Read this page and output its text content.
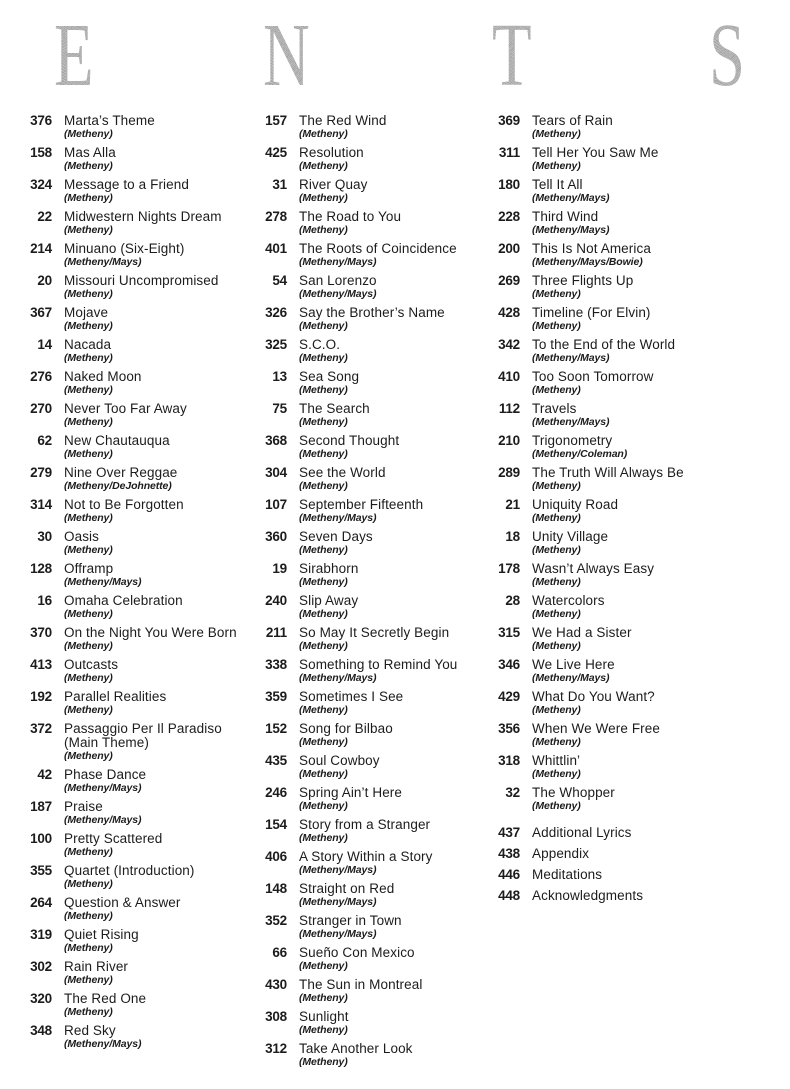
E N T S
376 Marta’s Theme
(Metheny)
158 Mas Alla
(Metheny)
324 Message to a Friend
(Metheny)
22 Midwestern Nights Dream
(Metheny)
214 Minuano (Six-Eight)
(Metheny/Mays)
20 Missouri Uncompromised
(Metheny)
367 Mojave
(Metheny)
14 Nacada
(Metheny)
276 Naked Moon
(Metheny)
270 Never Too Far Away
(Metheny)
62 New Chautauqua
(Metheny)
279 Nine Over Reggae
(Metheny/DeJohnette)
314 Not to Be Forgotten
(Metheny)
30 Oasis
(Metheny)
128 Offramp
(Metheny/Mays)
16 Omaha Celebration
(Metheny)
370 On the Night You Were Born
(Metheny)
413 Outcasts
(Metheny)
192 Parallel Realities
(Metheny)
372 Passaggio Per Il Paradiso (Main Theme)
(Metheny)
42 Phase Dance
(Metheny/Mays)
187 Praise
(Metheny/Mays)
100 Pretty Scattered
(Metheny)
355 Quartet (Introduction)
(Metheny)
264 Question & Answer
(Metheny)
319 Quiet Rising
(Metheny)
302 Rain River
(Metheny)
320 The Red One
(Metheny)
348 Red Sky
(Metheny/Mays)
157 The Red Wind
(Metheny)
425 Resolution
(Metheny)
31 River Quay
(Metheny)
278 The Road to You
(Metheny)
401 The Roots of Coincidence
(Metheny/Mays)
54 San Lorenzo
(Metheny/Mays)
326 Say the Brother’s Name
(Metheny)
325 S.C.O.
(Metheny)
13 Sea Song
(Metheny)
75 The Search
(Metheny)
368 Second Thought
(Metheny)
304 See the World
(Metheny)
107 September Fifteenth
(Metheny/Mays)
360 Seven Days
(Metheny)
19 Sirabhorn
(Metheny)
240 Slip Away
(Metheny)
211 So May It Secretly Begin
(Metheny)
338 Something to Remind You
(Metheny/Mays)
359 Sometimes I See
(Metheny)
152 Song for Bilbao
(Metheny)
435 Soul Cowboy
(Metheny)
246 Spring Ain’t Here
(Metheny)
154 Story from a Stranger
(Metheny)
406 A Story Within a Story
(Metheny/Mays)
148 Straight on Red
(Metheny/Mays)
352 Stranger in Town
(Metheny/Mays)
66 Sueño Con Mexico
(Metheny)
430 The Sun in Montreal
(Metheny)
308 Sunlight
(Metheny)
312 Take Another Look
(Metheny)
369 Tears of Rain
(Metheny)
311 Tell Her You Saw Me
(Metheny)
180 Tell It All
(Metheny/Mays)
228 Third Wind
(Metheny/Mays)
200 This Is Not America
(Metheny/Mays/Bowie)
269 Three Flights Up
(Metheny)
428 Timeline (For Elvin)
(Metheny)
342 To the End of the World
(Metheny/Mays)
410 Too Soon Tomorrow
(Metheny)
112 Travels
(Metheny/Mays)
210 Trigonometry
(Metheny/Coleman)
289 The Truth Will Always Be
(Metheny)
21 Uniquity Road
(Metheny)
18 Unity Village
(Metheny)
178 Wasn’t Always Easy
(Metheny)
28 Watercolors
(Metheny)
315 We Had a Sister
(Metheny)
346 We Live Here
(Metheny/Mays)
429 What Do You Want?
(Metheny)
356 When We Were Free
(Metheny)
318 Whittlin’
(Metheny)
32 The Whopper
(Metheny)
437 Additional Lyrics
438 Appendix
446 Meditations
448 Acknowledgments
